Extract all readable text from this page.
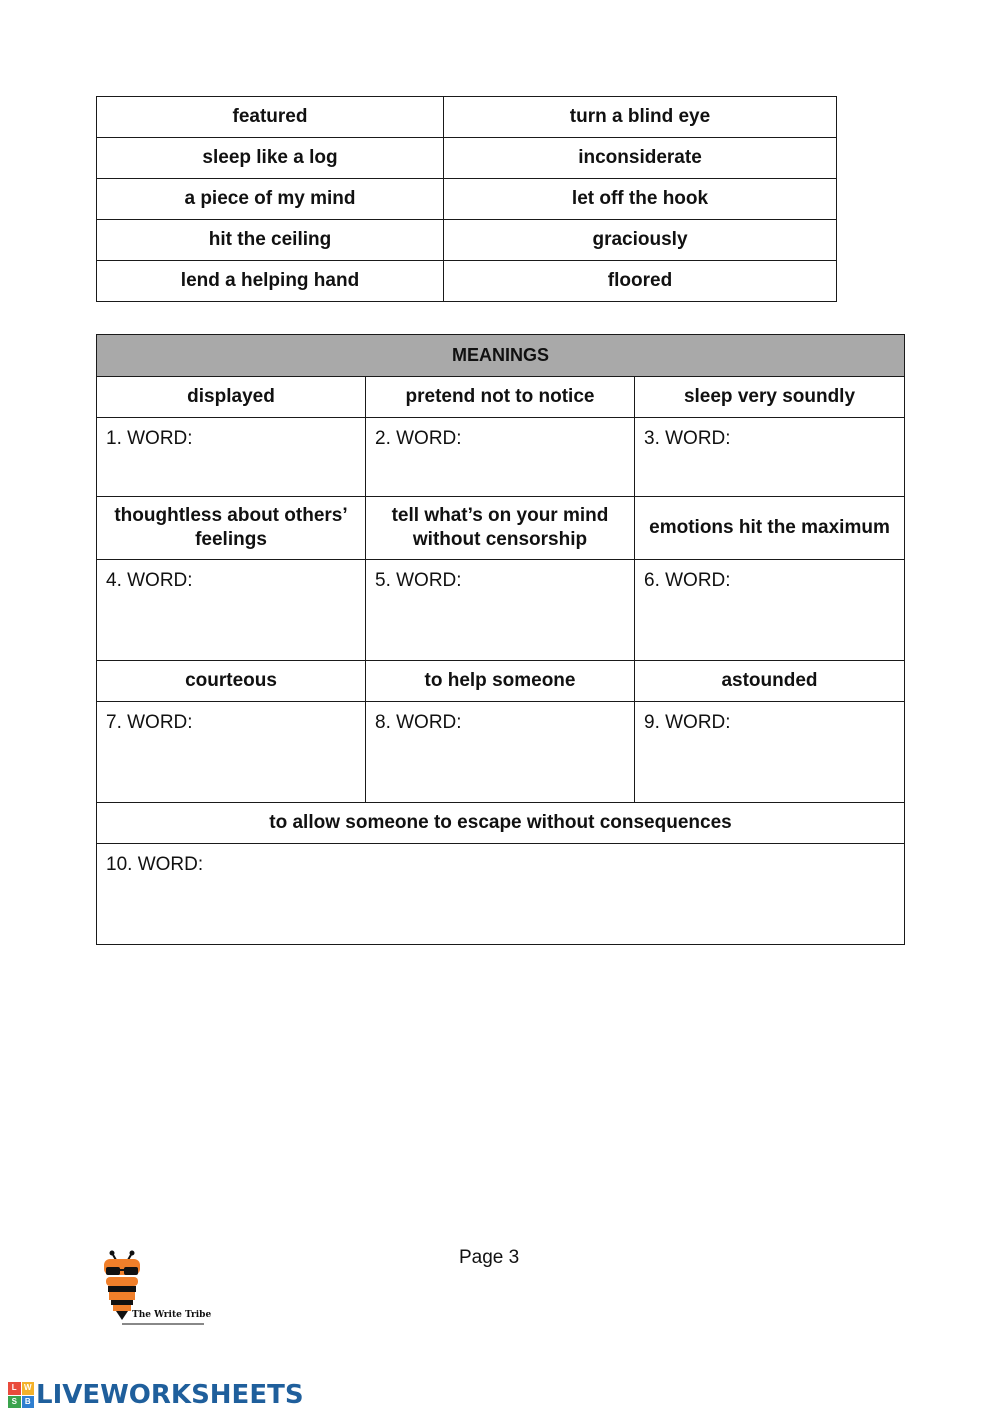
featured	turn a blind eye
sleep like a log	inconsiderate
a piece of my mind	let off the hook
hit the ceiling	graciously
lend a helping hand	floored
MEANINGS		
displayed	pretend not to notice	sleep very soundly
1. WORD:	2. WORD:	3. WORD:
thoughtless about others’ feelings	tell what’s on your mind without censorship	emotions hit the maximum
4. WORD:	5. WORD:	6. WORD:
courteous	to help someone	astounded
7. WORD:	8. WORD:	9. WORD:
to allow someone to escape without consequences		
10. WORD:		
Page 3
The Write Tribe
L W
S B LIVEWORKSHEETS
